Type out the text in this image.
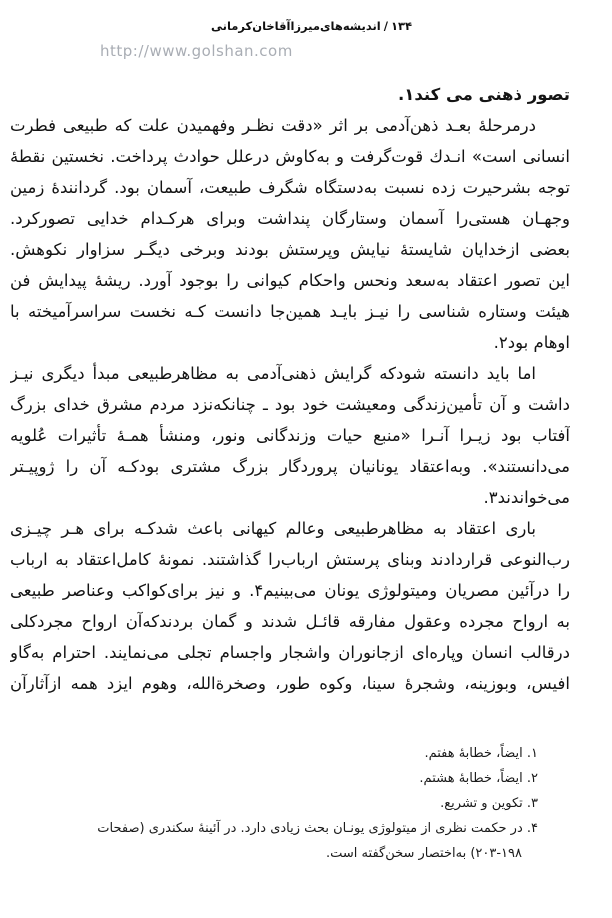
۱۳۴/اندیشه‌های‌میرزاآقاخان‌کرمانی
http://www.golshan.com
تصور ذهنی می کند۱.
درمرحلهٔ بعـد ذهن‌آدمی بر اثر «دقت نظـر وفهمیدن علت که طبیعی فطرت
انسانی است» انـدك قوت‌گرفت و به‌کاوش درعلل حوادث پرداخت. نخستین نقطهٔ
توجه بشرحیرت زده نسبت به‌دستگاه شگرف طبیعت، آسمان بود. گردانندهٔ زمین
وجهـان هستی‌را آسمان وستارگان پنداشت وبرای هرکـدام خدایی تصورکرد.
بعضی ازخدایان شایستهٔ نیایش وپرستش بودند وبرخی دیگـر سزاوار نکوهش.
این تصور اعتقاد به‌سعد ونحس واحکام کیوانی را بوجود آورد. ریشهٔ پیدایش فن
هیئت وستاره شناسی را نیـز بایـد همین‌جا دانست کـه نخست سراسرآمیخته با
اوهام بود۲.
اما باید دانسته شودکه گرایش ذهنی‌آدمی به مظاهرطبیعی مبدأ دیگری نیـز
داشت و آن تأمین‌زندگی ومعیشت خود بود ـ چنانکه‌نزد مردم مشرق خدای بزرگ
آفتاب بود زیـرا آنـرا «منبع حیات وزندگانی ونور، ومنشأ همـهٔ تأثیرات عُلویه
می‌دانستند». وبه‌اعتقاد یونانیان پروردگار بزرگ مشتری بودکـه آن را ژوپیـتر
می‌خواندند۳.
باری اعتقاد به مظاهرطبیعی وعالم کیهانی باعث شدکـه برای هـر چیـزی
رب‌النوعی قراردادند وبنای پرستش ارباب‌را گذاشتند. نمونهٔ کامل‌اعتقاد به ارباب
را درآئین مصریان ومیتولوژی یونان می‌بینیم۴. و نیز برای‌کواکب وعناصر طبیعی
به ارواح مجرده وعقول مفارقه قائـل شدند و گمان بردندکه‌آن ارواح مجردکلی
درقالب انسان وپاره‌ای ازجانوران واشجار واجسام تجلی می‌نمایند. احترام به‌گاو
افیس، وبوزینه، وشجرهٔ سینا، وکوه طور، وصخرةالله، وهوم ایزد همه ازآثارآن
۱. ایضاً، خطابهٔ هفتم.
۲. ایضاً، خطابهٔ هشتم.
۳. تکوین و تشریع.
۴. در حکمت نظری از میتولوژی یونـان بحث زیادی دارد. در آئینهٔ سکندری (صفحات
۲۰۳-۱۹۸) به‌اختصار سخن‌گفته است.
